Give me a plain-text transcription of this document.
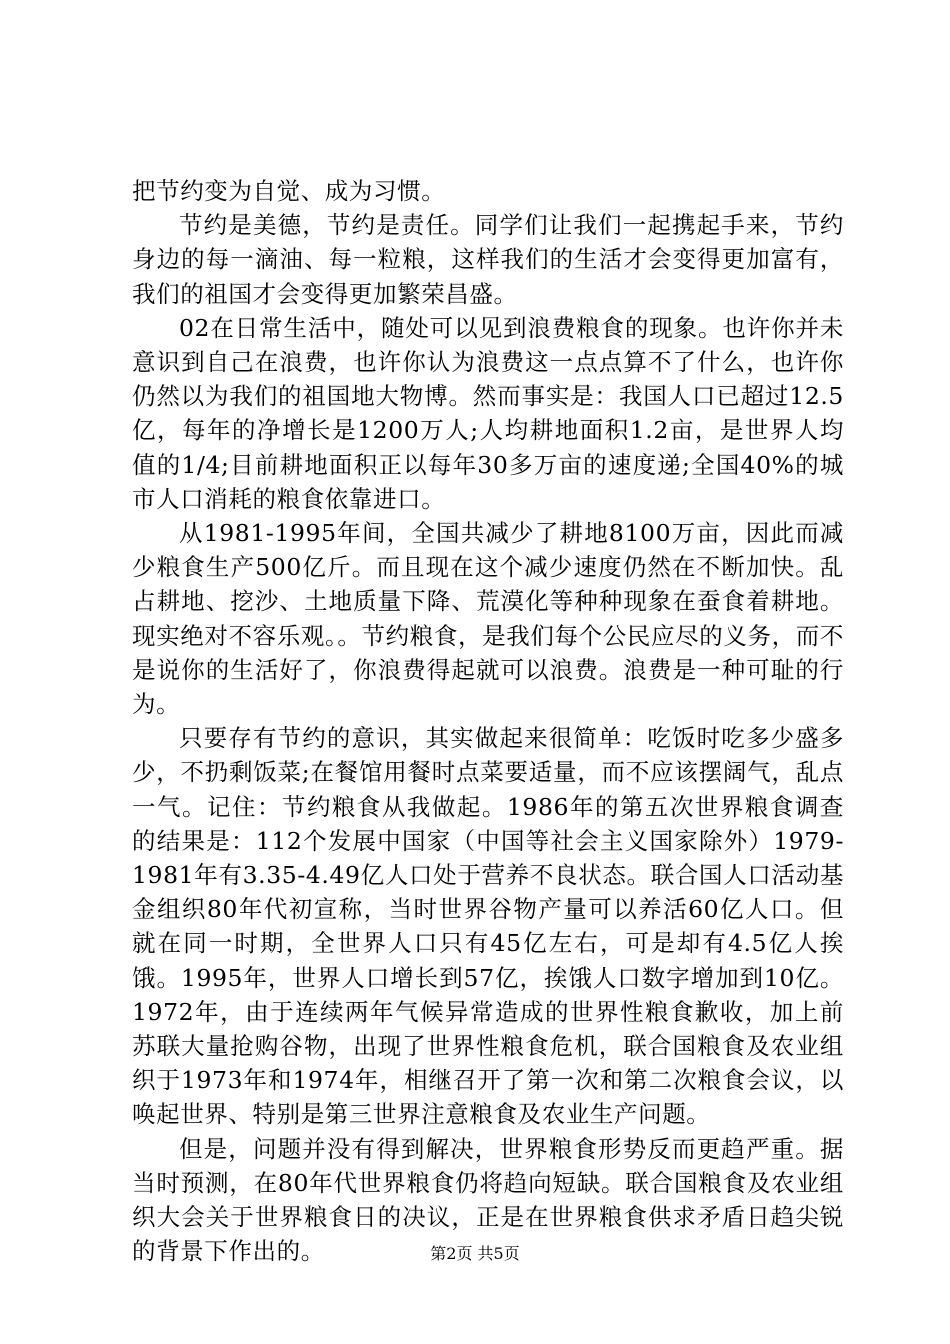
把节约变为自觉、成为习惯。

节约是美德，节约是责任。同学们让我们一起携起手来，节约身边的每一滴油、每一粒粮，这样我们的生活才会变得更加富有，我们的祖国才会变得更加繁荣昌盛。

02在日常生活中，随处可以见到浪费粮食的现象。也许你并未意识到自己在浪费，也许你认为浪费这一点点算不了什么，也许你仍然以为我们的祖国地大物博。然而事实是：我国人口已超过12.5亿，每年的净增长是1200万人;人均耕地面积1.2亩，是世界人均值的1/4;目前耕地面积正以每年30多万亩的速度递;全国40%的城市人口消耗的粮食依靠进口。

从1981-1995年间，全国共减少了耕地8100万亩，因此而减少粮食生产500亿斤。而且现在这个减少速度仍然在不断加快。乱占耕地、挖沙、土地质量下降、荒漠化等种种现象在蚕食着耕地。现实绝对不容乐观。。节约粮食，是我们每个公民应尽的义务，而不是说你的生活好了，你浪费得起就可以浪费。浪费是一种可耻的行为。

只要存有节约的意识，其实做起来很简单：吃饭时吃多少盛多少，不扔剩饭菜;在餐馆用餐时点菜要适量，而不应该摆阔气，乱点一气。记住：节约粮食从我做起。1986年的第五次世界粮食调查的结果是：112个发展中国家（中国等社会主义国家除外）1979-1981年有3.35-4.49亿人口处于营养不良状态。联合国人口活动基金组织80年代初宣称，当时世界谷物产量可以养活60亿人口。但就在同一时期，全世界人口只有45亿左右，可是却有4.5亿人挨饿。1995年，世界人口增长到57亿，挨饿人口数字增加到10亿。1972年，由于连续两年气候异常造成的世界性粮食歉收，加上前苏联大量抢购谷物，出现了世界性粮食危机，联合国粮食及农业组织于1973年和1974年，相继召开了第一次和第二次粮食会议，以唤起世界、特别是第三世界注意粮食及农业生产问题。

但是，问题并没有得到解决，世界粮食形势反而更趋严重。据当时预测，在80年代世界粮食仍将趋向短缺。联合国粮食及农业组织大会关于世界粮食日的决议，正是在世界粮食供求矛盾日趋尖锐的背景下作出的。	第2页 共5页
